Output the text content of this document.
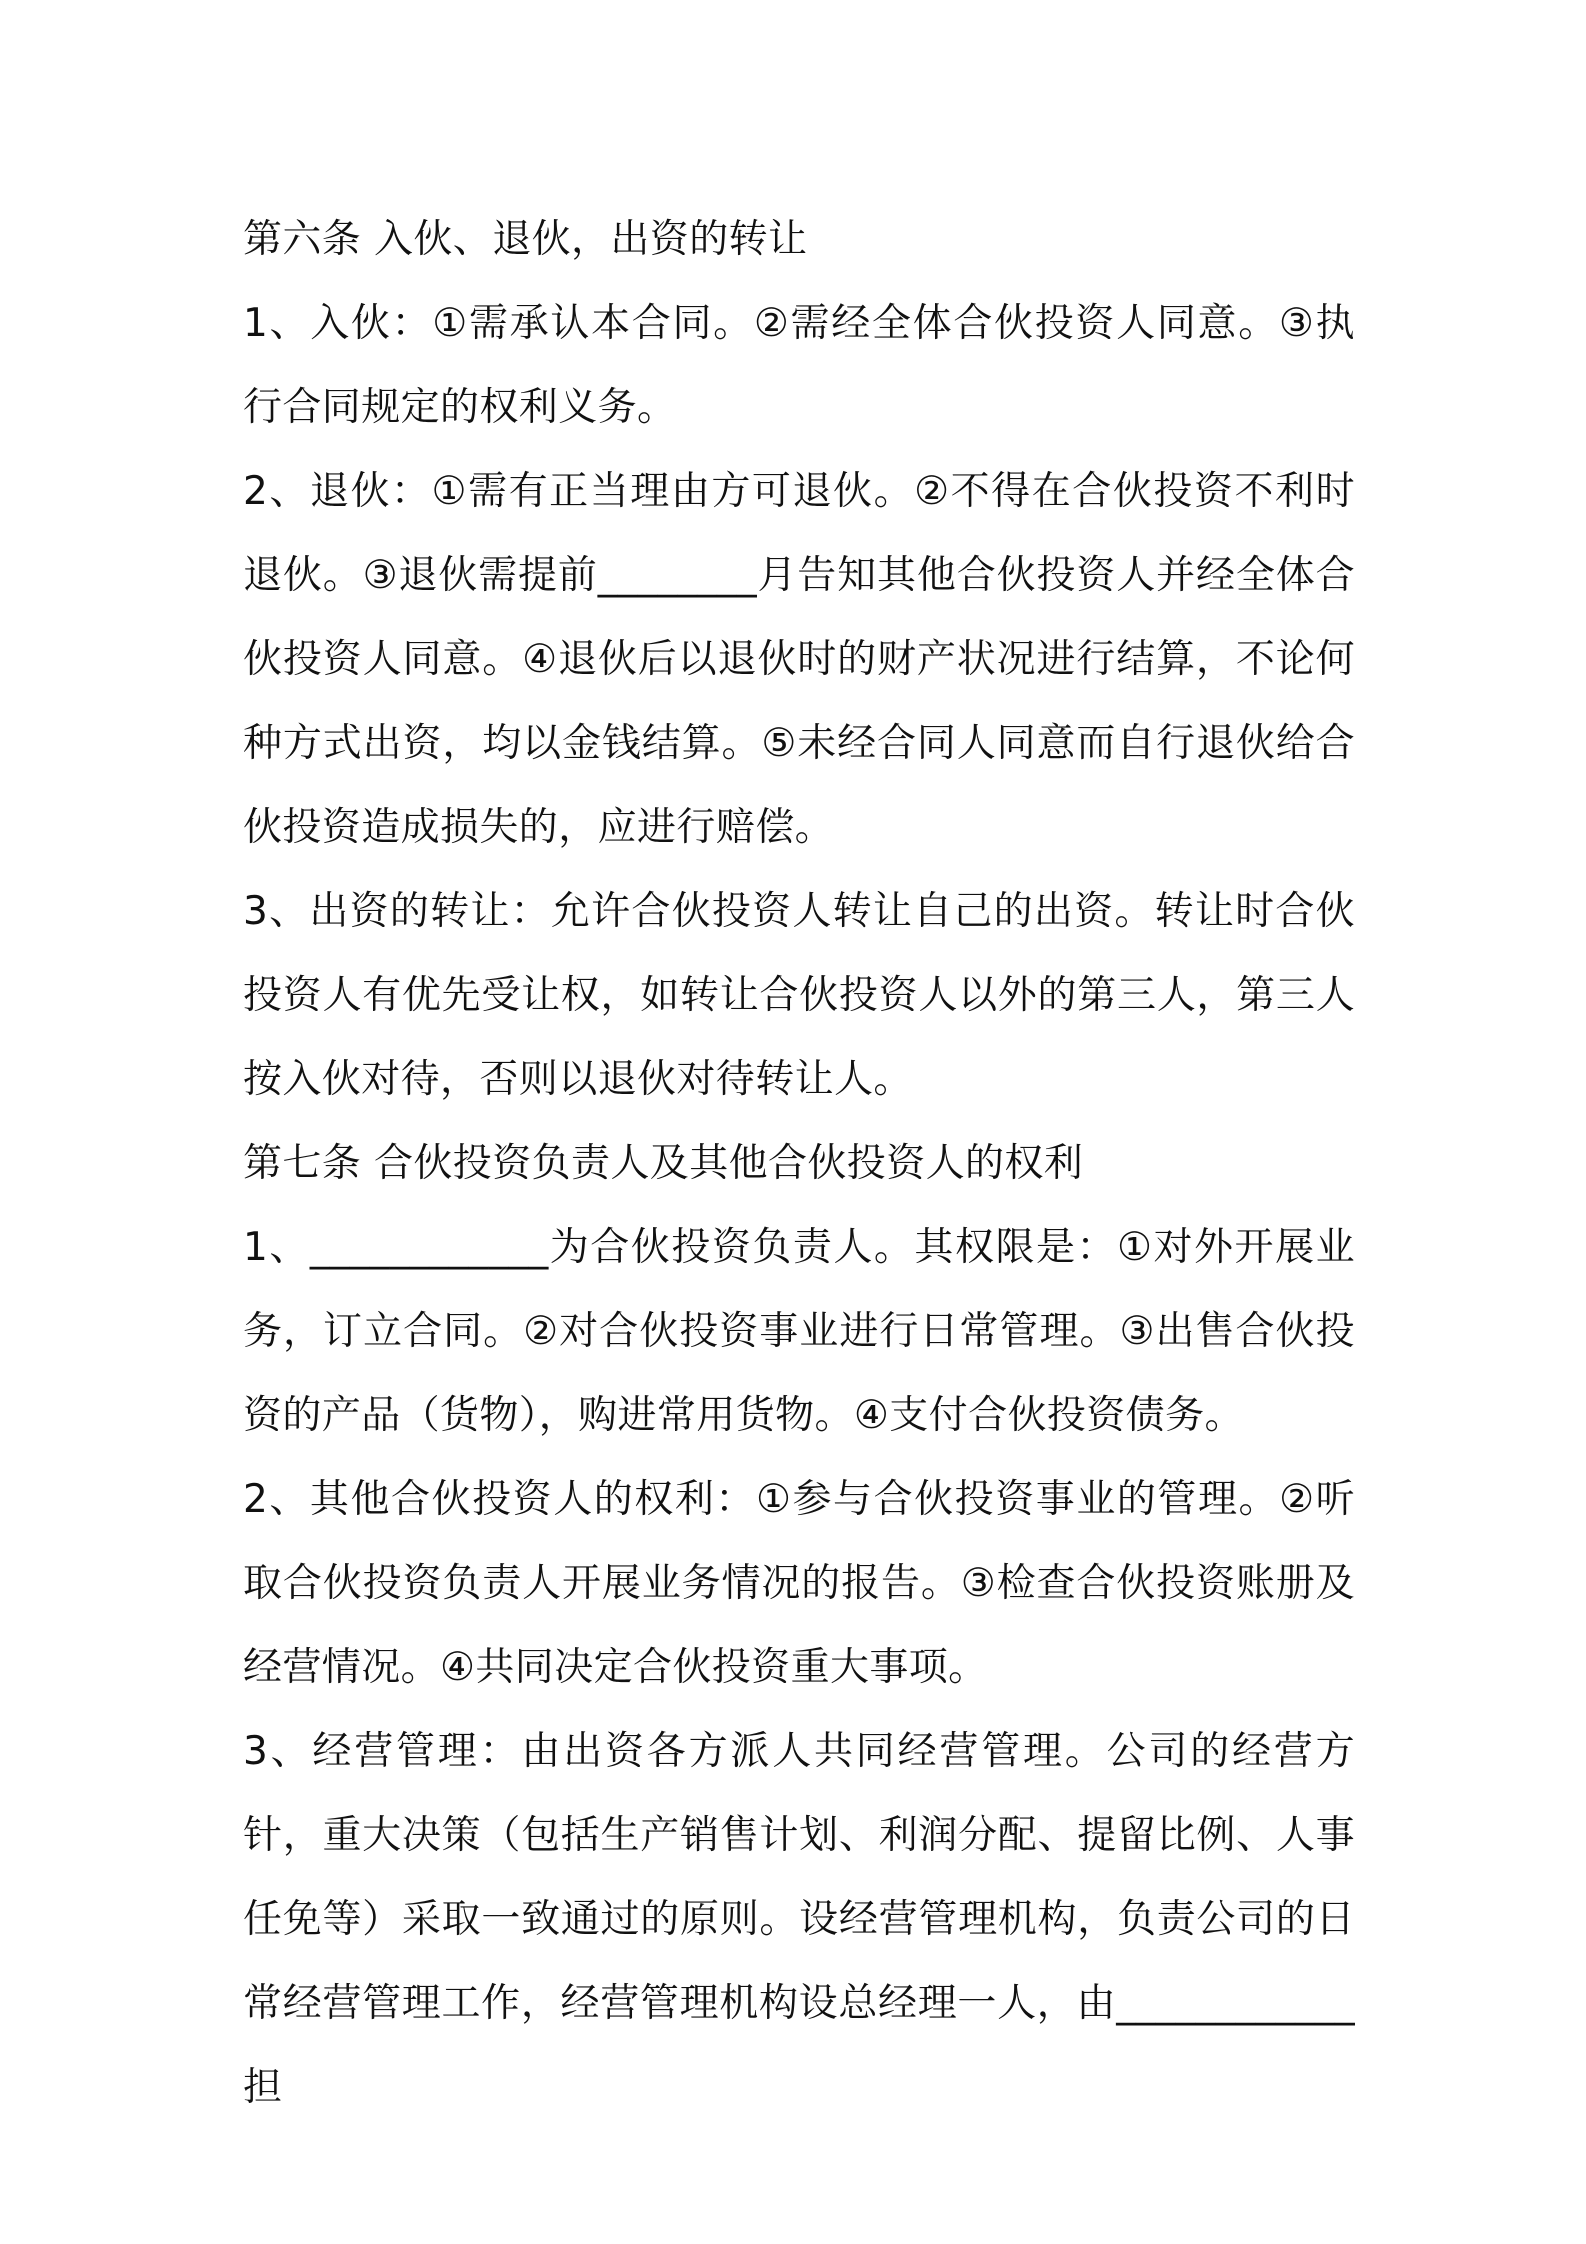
第六条 入伙、退伙，出资的转让

1、入伙：①需承认本合同。②需经全体合伙投资人同意。③执行合同规定的权利义务。

2、退伙：①需有正当理由方可退伙。②不得在合伙投资不利时退伙。③退伙需提前________月告知其他合伙投资人并经全体合伙投资人同意。④退伙后以退伙时的财产状况进行结算，不论何种方式出资，均以金钱结算。⑤未经合同人同意而自行退伙给合伙投资造成损失的，应进行赔偿。

3、出资的转让：允许合伙投资人转让自己的出资。转让时合伙投资人有优先受让权，如转让合伙投资人以外的第三人，第三人按入伙对待，否则以退伙对待转让人。

第七条 合伙投资负责人及其他合伙投资人的权利

1、____________为合伙投资负责人。其权限是：①对外开展业务，订立合同。②对合伙投资事业进行日常管理。③出售合伙投资的产品（货物），购进常用货物。④支付合伙投资债务。

2、其他合伙投资人的权利：①参与合伙投资事业的管理。②听取合伙投资负责人开展业务情况的报告。③检查合伙投资账册及经营情况。④共同决定合伙投资重大事项。

3、经营管理：由出资各方派人共同经营管理。公司的经营方针，重大决策（包括生产销售计划、利润分配、提留比例、人事任免等）采取一致通过的原则。设经营管理机构，负责公司的日常经营管理工作，经营管理机构设总经理一人，由____________担
